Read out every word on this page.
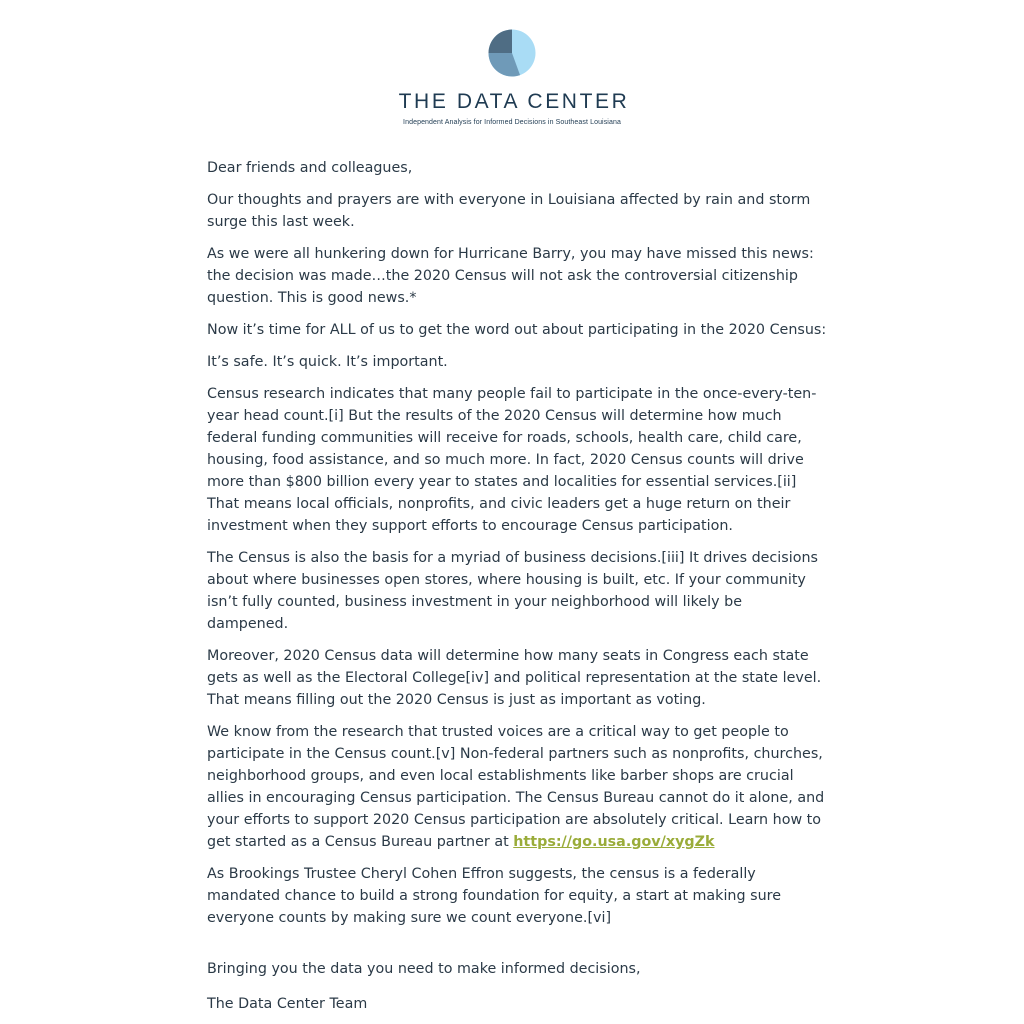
THE DATA CENTER
Independent Analysis for Informed Decisions in Southeast Louisiana

Dear friends and colleagues,

Our thoughts and prayers are with everyone in Louisiana affected by rain and storm surge this last week.

As we were all hunkering down for Hurricane Barry, you may have missed this news: the decision was made…the 2020 Census will not ask the controversial citizenship question. This is good news.*

Now it’s time for ALL of us to get the word out about participating in the 2020 Census:

It’s safe. It’s quick. It’s important.

Census research indicates that many people fail to participate in the once-every-ten-year head count.[i] But the results of the 2020 Census will determine how much federal funding communities will receive for roads, schools, health care, child care, housing, food assistance, and so much more. In fact, 2020 Census counts will drive more than $800 billion every year to states and localities for essential services.[ii] That means local officials, nonprofits, and civic leaders get a huge return on their investment when they support efforts to encourage Census participation.

The Census is also the basis for a myriad of business decisions.[iii] It drives decisions about where businesses open stores, where housing is built, etc. If your community isn’t fully counted, business investment in your neighborhood will likely be dampened.

Moreover, 2020 Census data will determine how many seats in Congress each state gets as well as the Electoral College[iv] and political representation at the state level. That means filling out the 2020 Census is just as important as voting.

We know from the research that trusted voices are a critical way to get people to participate in the Census count.[v] Non-federal partners such as nonprofits, churches, neighborhood groups, and even local establishments like barber shops are crucial allies in encouraging Census participation. The Census Bureau cannot do it alone, and your efforts to support 2020 Census participation are absolutely critical. Learn how to get started as a Census Bureau partner at https://go.usa.gov/xygZk

As Brookings Trustee Cheryl Cohen Effron suggests, the census is a federally mandated chance to build a strong foundation for equity, a start at making sure everyone counts by making sure we count everyone.[vi]

Bringing you the data you need to make informed decisions,

The Data Center Team
